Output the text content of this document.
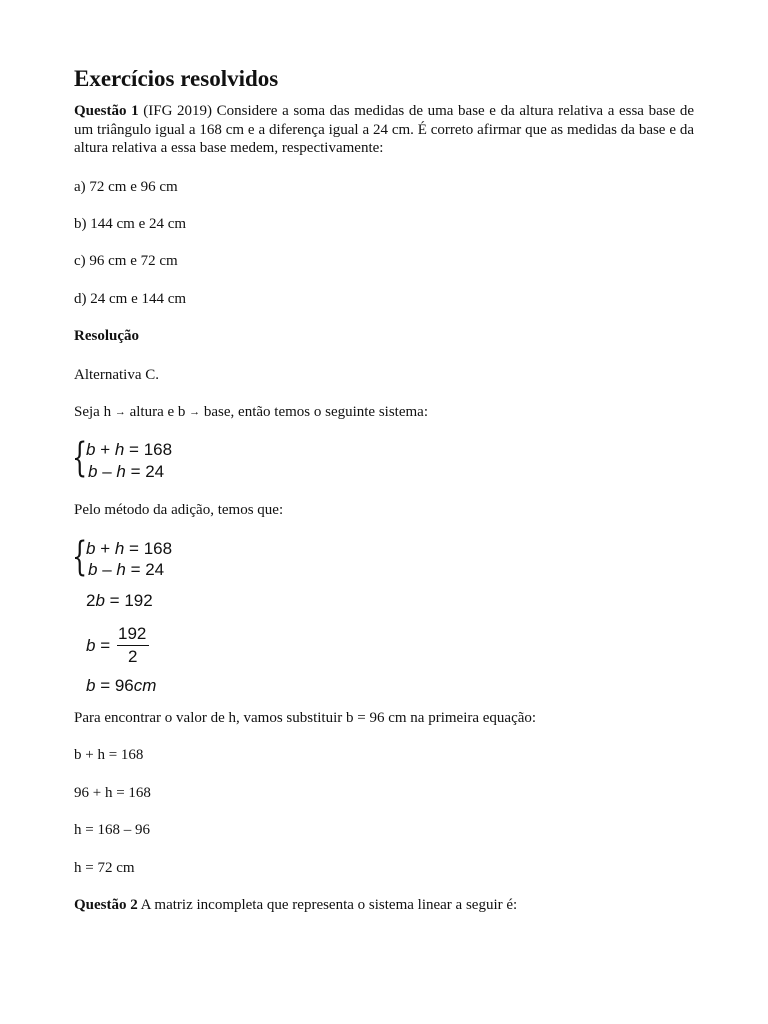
Exercícios resolvidos
Questão 1 (IFG 2019) Considere a soma das medidas de uma base e da altura relativa a essa base de um triângulo igual a 168 cm e a diferença igual a 24 cm. É correto afirmar que as medidas da base e da altura relativa a essa base medem, respectivamente:
a) 72 cm e 96 cm
b) 144 cm e 24 cm
c) 96 cm e 72 cm
d) 24 cm e 144 cm
Resolução
Alternativa C.
Seja h → altura e b → base, então temos o seguinte sistema:
{
b + h = 168
b – h = 24
Pelo método da adição, temos que:
{
b + h = 168
b – h = 24
2b = 192
b =
192
2
b = 96cm
Para encontrar o valor de h, vamos substituir b = 96 cm na primeira equação:
b + h = 168
96 + h = 168
h = 168 – 96
h = 72 cm
Questão 2 A matriz incompleta que representa o sistema linear a seguir é:
